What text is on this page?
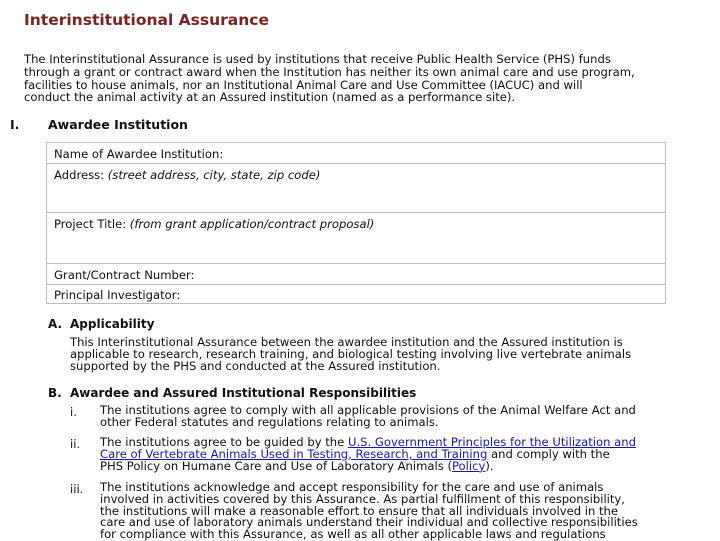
Interinstitutional Assurance
The Interinstitutional Assurance is used by institutions that receive Public Health Service (PHS) funds
through a grant or contract award when the Institution has neither its own animal care and use program,
facilities to house animals, nor an Institutional Animal Care and Use Committee (IACUC) and will
conduct the animal activity at an Assured institution (named as a performance site).
I. Awardee Institution
Name of Awardee Institution:
Address: (street address, city, state, zip code)
Project Title: (from grant application/contract proposal)
Grant/Contract Number:
Principal Investigator:
A. Applicability
This Interinstitutional Assurance between the awardee institution and the Assured institution is
applicable to research, research training, and biological testing involving live vertebrate animals
supported by the PHS and conducted at the Assured institution.
B. Awardee and Assured Institutional Responsibilities
i. The institutions agree to comply with all applicable provisions of the Animal Welfare Act and
other Federal statutes and regulations relating to animals.
ii. The institutions agree to be guided by the U.S. Government Principles for the Utilization and
Care of Vertebrate Animals Used in Testing, Research, and Training and comply with the
PHS Policy on Humane Care and Use of Laboratory Animals (Policy).
iii. The institutions acknowledge and accept responsibility for the care and use of animals
involved in activities covered by this Assurance. As partial fulfillment of this responsibility,
the institutions will make a reasonable effort to ensure that all individuals involved in the
care and use of laboratory animals understand their individual and collective responsibilities
for compliance with this Assurance, as well as all other applicable laws and regulations
